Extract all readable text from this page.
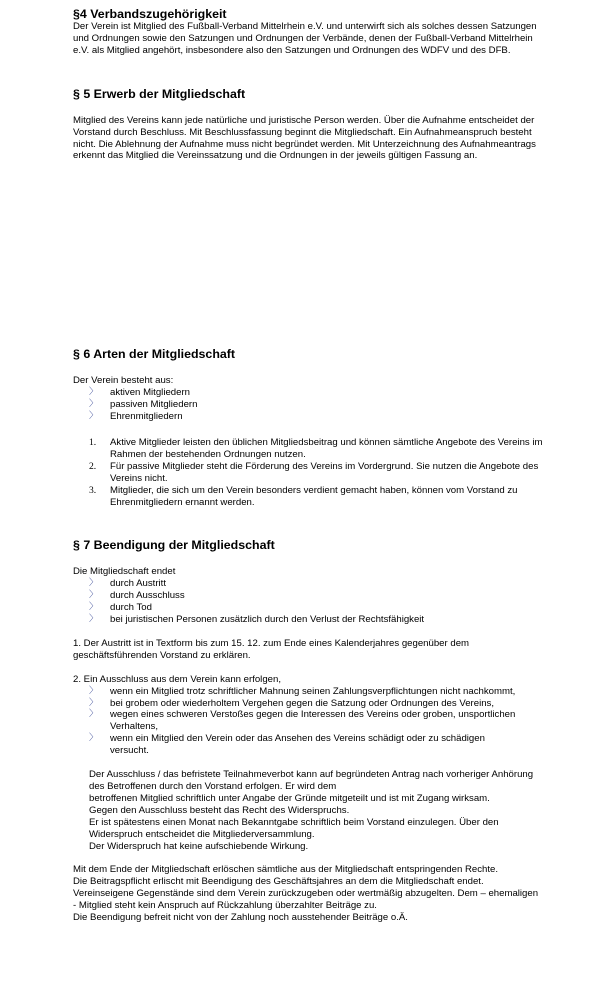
§4 Verbandszugehörigkeit

Der Verein ist Mitglied des Fußball-Verband Mittelrhein e.V. und unterwirft sich als solches dessen Satzungen und Ordnungen sowie den Satzungen und Ordnungen der Verbände, denen der Fußball-Verband Mittelrhein e.V. als Mitglied angehört, insbesondere also den Satzungen und Ordnungen des WDFV und des DFB.

§ 5 Erwerb der Mitgliedschaft

Mitglied des Vereins kann jede natürliche und juristische Person werden. Über die Aufnahme entscheidet der Vorstand durch Beschluss. Mit Beschlussfassung beginnt die Mitgliedschaft. Ein Aufnahmeanspruch besteht nicht. Die Ablehnung der Aufnahme muss nicht begründet werden. Mit Unterzeichnung des Aufnahmeantrags erkennt das Mitglied die Vereinssatzung und die Ordnungen in der jeweils gültigen Fassung an.

§ 6 Arten der Mitgliedschaft

Der Verein besteht aus:

〉 aktiven Mitgliedern
〉 passiven Mitgliedern
〉 Ehrenmitgliedern
1. Aktive Mitglieder leisten den üblichen Mitgliedsbeitrag und können sämtliche Angebote des Vereins im Rahmen der bestehenden Ordnungen nutzen.
2. Für passive Mitglieder steht die Förderung des Vereins im Vordergrund. Sie nutzen die Angebote des Vereins nicht.
3. Mitglieder, die sich um den Verein besonders verdient gemacht haben, können vom Vorstand zu Ehrenmitgliedern ernannt werden.
§ 7 Beendigung der Mitgliedschaft

Die Mitgliedschaft endet

〉 durch Austritt
〉 durch Ausschluss
〉 durch Tod
〉 bei juristischen Personen zusätzlich durch den Verlust der Rechtsfähigkeit

1. Der Austritt ist in Textform bis zum 15. 12. zum Ende eines Kalenderjahres gegenüber dem geschäftsführenden Vorstand zu erklären.

2. Ein Ausschluss aus dem Verein kann erfolgen,

〉 wenn ein Mitglied trotz schriftlicher Mahnung seinen Zahlungsverpflichtungen nicht nachkommt,
〉 bei grobem oder wiederholtem Vergehen gegen die Satzung oder Ordnungen des Vereins,
〉 wegen eines schweren Verstoßes gegen die Interessen des Vereins oder groben, unsportlichen Verhaltens,
〉 wenn ein Mitglied den Verein oder das Ansehen des Vereins schädigt oder zu schädigen versucht.

Der Ausschluss / das befristete Teilnahmeverbot kann auf begründeten Antrag nach vorheriger Anhörung des Betroffenen durch den Vorstand erfolgen. Er wird dem

betroffenen Mitglied schriftlich unter Angabe der Gründe mitgeteilt und ist mit Zugang wirksam.

Gegen den Ausschluss besteht das Recht des Widerspruchs.

Er ist spätestens einen Monat nach Bekanntgabe schriftlich beim Vorstand einzulegen. Über den Widerspruch entscheidet die Mitgliederversammlung.

Der Widerspruch hat keine aufschiebende Wirkung.

Mit dem Ende der Mitgliedschaft erlöschen sämtliche aus der Mitgliedschaft entspringenden Rechte.

Die Beitragspflicht erlischt mit Beendigung des Geschäftsjahres an dem die Mitgliedschaft endet.

Vereinseigene Gegenstände sind dem Verein zurückzugeben oder wertmäßig abzugelten. Dem – ehemaligen - Mitglied steht kein Anspruch auf Rückzahlung überzahlter Beiträge zu.

Die Beendigung befreit nicht von der Zahlung noch ausstehender Beiträge o.Ä.
